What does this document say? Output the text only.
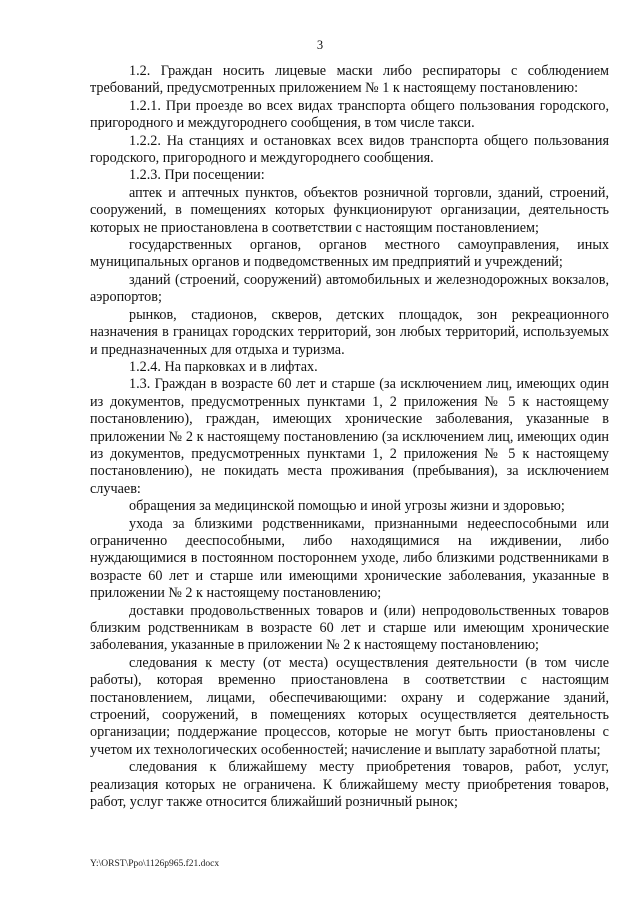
3

1.2. Граждан носить лицевые маски либо респираторы с соблюдением требований, предусмотренных приложением № 1 к настоящему постановлению:

1.2.1. При проезде во всех видах транспорта общего пользования городского, пригородного и междугороднего сообщения, в том числе такси.

1.2.2. На станциях и остановках всех видов транспорта общего пользования городского, пригородного и междугороднего сообщения.

1.2.3. При посещении:

аптек и аптечных пунктов, объектов розничной торговли, зданий, строений, сооружений, в помещениях которых функционируют организации, деятельность которых не приостановлена в соответствии с настоящим постановлением;

государственных органов, органов местного самоуправления, иных муниципальных органов и подведомственных им предприятий и учреждений;

зданий (строений, сооружений) автомобильных и железнодорожных вокзалов, аэропортов;

рынков, стадионов, скверов, детских площадок, зон рекреационного назначения в границах городских территорий, зон любых территорий, используемых и предназначенных для отдыха и туризма.

1.2.4. На парковках и в лифтах.

1.3. Граждан в возрасте 60 лет и старше (за исключением лиц, имеющих один из документов, предусмотренных пунктами 1, 2 приложения № 5 к настоящему постановлению), граждан, имеющих хронические заболевания, указанные в приложении № 2 к настоящему постановлению (за исключением лиц, имеющих один из документов, предусмотренных пунктами 1, 2 приложения № 5 к настоящему постановлению), не покидать места проживания (пребывания), за исключением случаев:

обращения за медицинской помощью и иной угрозы жизни и здоровью;

ухода за близкими родственниками, признанными недееспособными или ограниченно дееспособными, либо находящимися на иждивении, либо нуждающимися в постоянном постороннем уходе, либо близкими родственниками в возрасте 60 лет и старше или имеющими хронические заболевания, указанные в приложении № 2 к настоящему постановлению;

доставки продовольственных товаров и (или) непродовольственных товаров близким родственникам в возрасте 60 лет и старше или имеющим хронические заболевания, указанные в приложении № 2 к настоящему постановлению;

следования к месту (от места) осуществления деятельности (в том числе работы), которая временно приостановлена в соответствии с настоящим постановлением, лицами, обеспечивающими: охрану и содержание зданий, строений, сооружений, в помещениях которых осуществляется деятельность организации; поддержание процессов, которые не могут быть приостановлены с учетом их технологических особенностей; начисление и выплату заработной платы;

следования к ближайшему месту приобретения товаров, работ, услуг, реализация которых не ограничена. К ближайшему месту приобретения товаров, работ, услуг также относится ближайший розничный рынок;

Y:\ORST\Ppo\1126p965.f21.docx
